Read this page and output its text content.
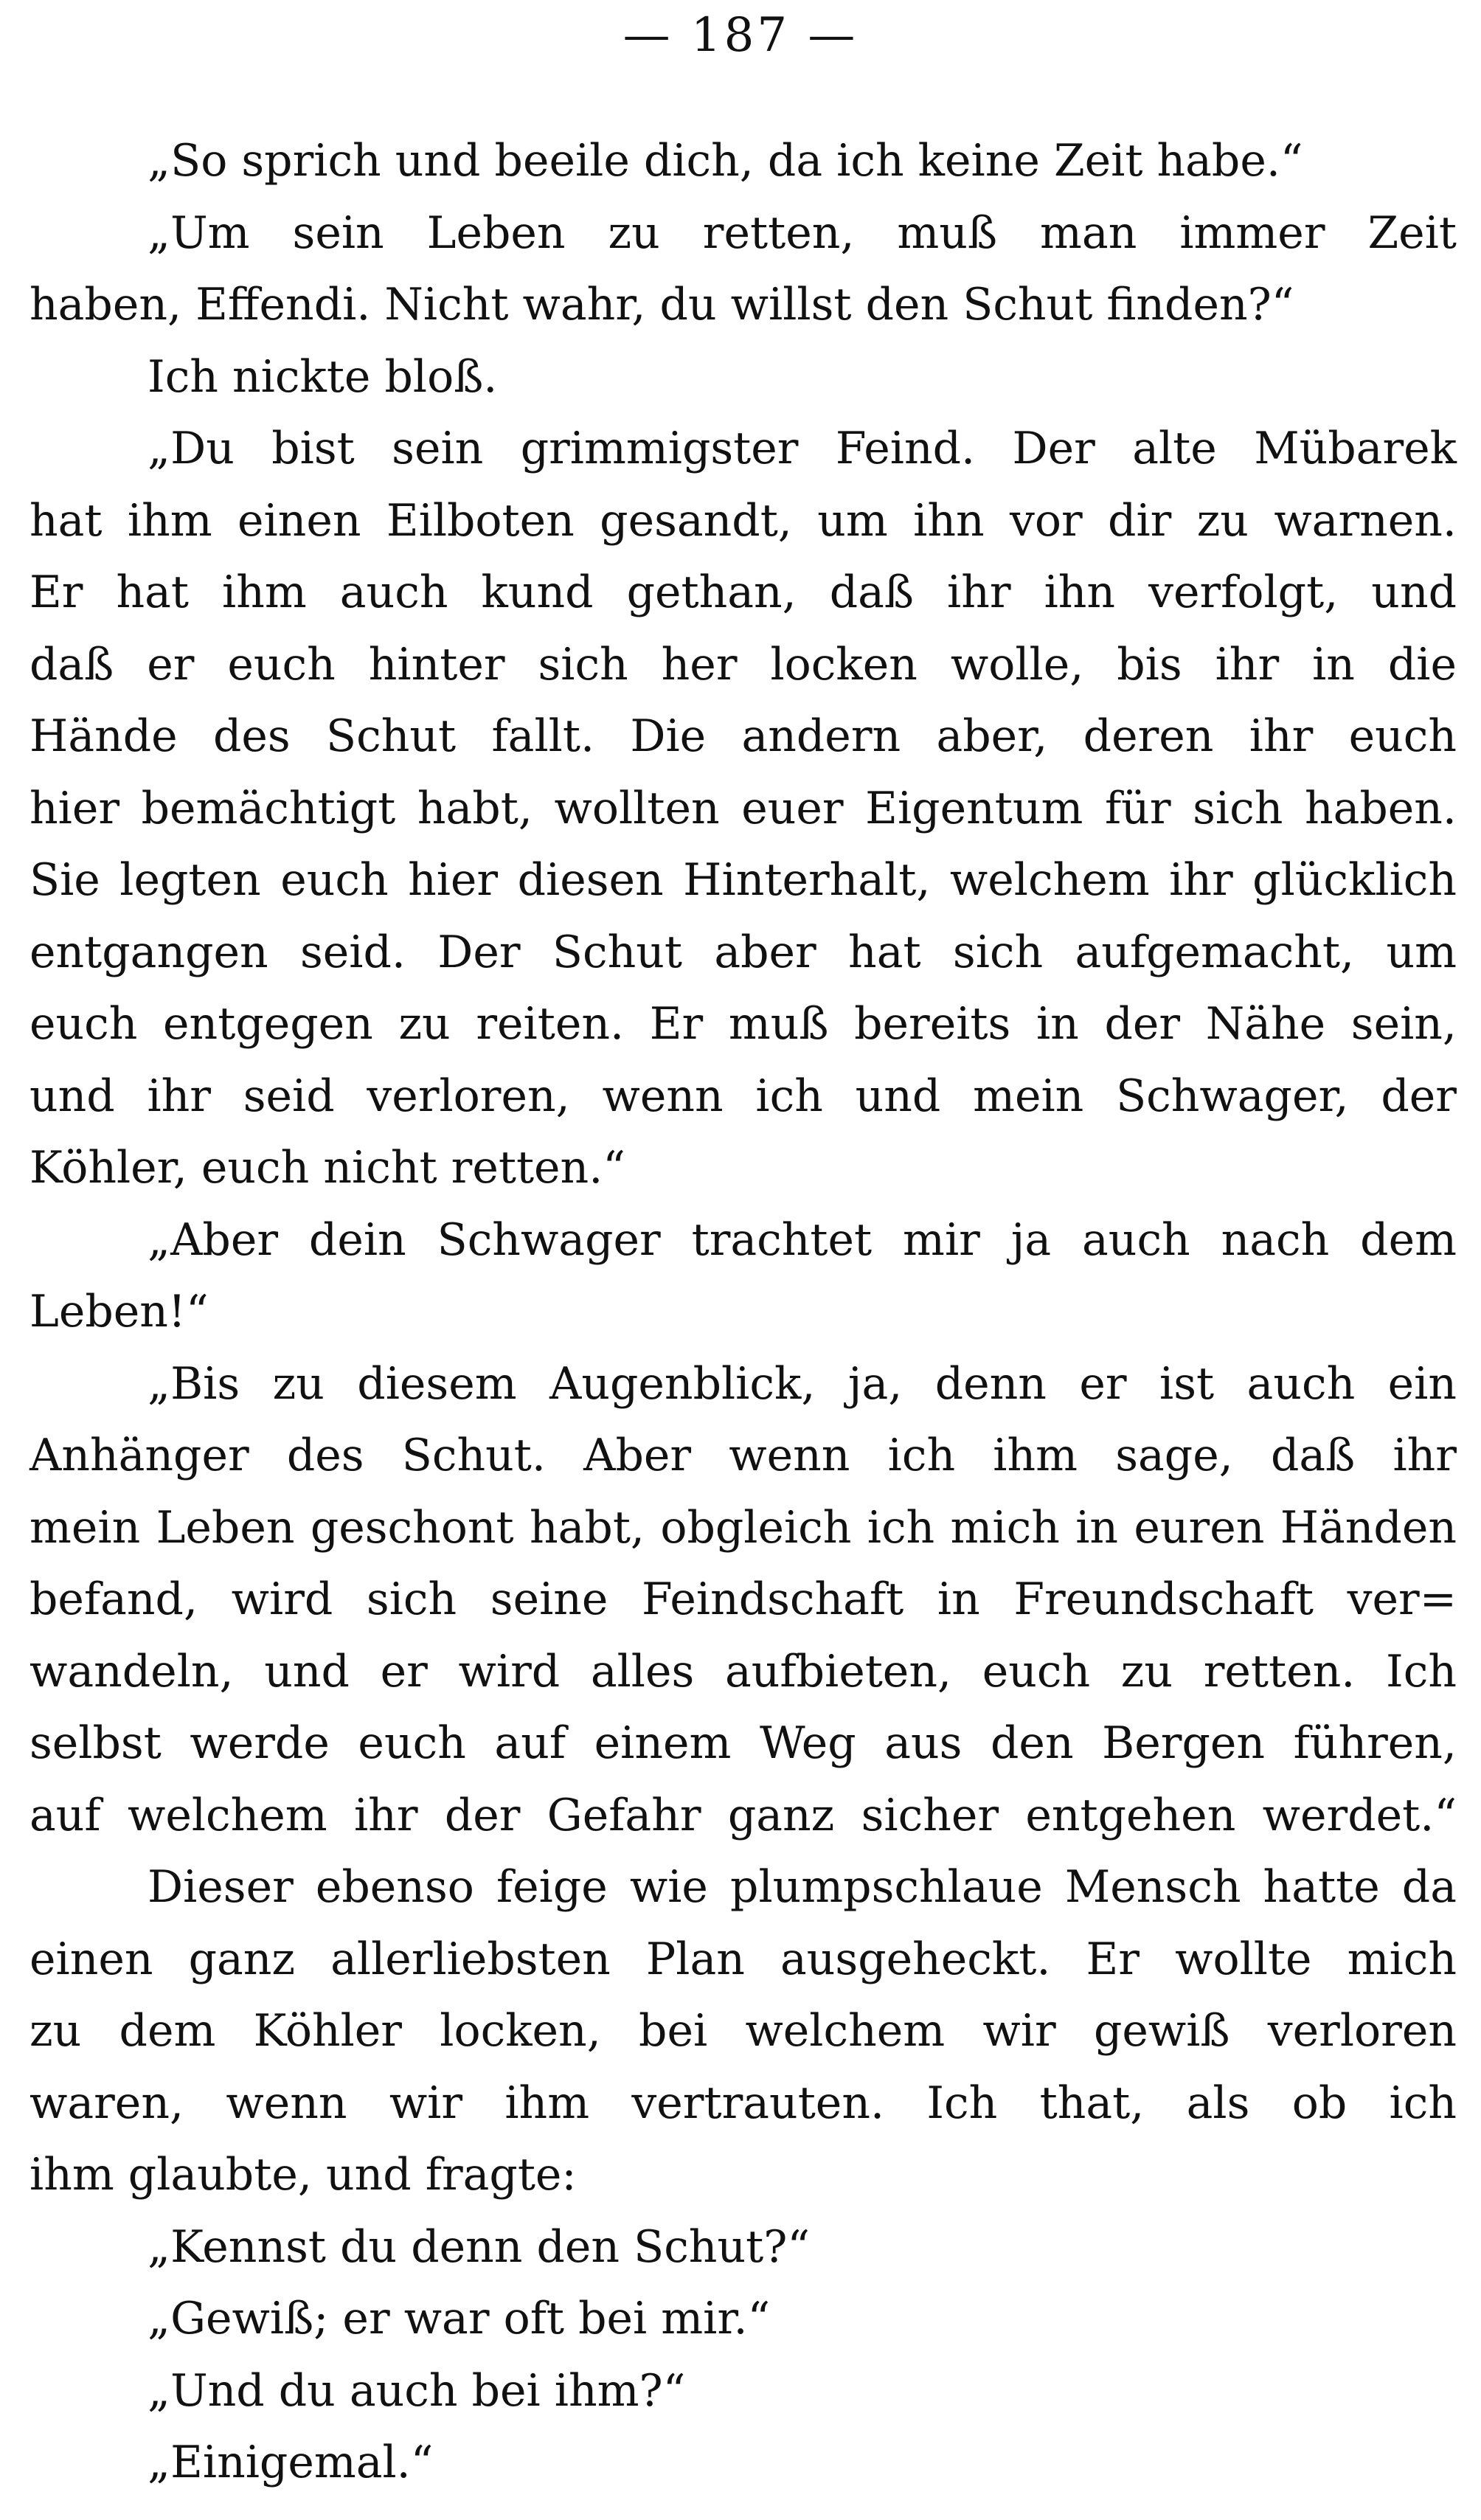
— 187 —
„So sprich und beeile dich, da ich keine Zeit habe.“
„Um sein Leben zu retten, muß man immer Zeit
haben, Effendi. Nicht wahr, du willst den Schut finden?“
Ich nickte bloß.
„Du bist sein grimmigster Feind. Der alte Mübarek
hat ihm einen Eilboten gesandt, um ihn vor dir zu warnen.
Er hat ihm auch kund gethan, daß ihr ihn verfolgt, und
daß er euch hinter sich her locken wolle, bis ihr in die
Hände des Schut fallt. Die andern aber, deren ihr euch
hier bemächtigt habt, wollten euer Eigentum für sich haben.
Sie legten euch hier diesen Hinterhalt, welchem ihr glücklich
entgangen seid. Der Schut aber hat sich aufgemacht, um
euch entgegen zu reiten. Er muß bereits in der Nähe sein,
und ihr seid verloren, wenn ich und mein Schwager, der
Köhler, euch nicht retten.“
„Aber dein Schwager trachtet mir ja auch nach dem
Leben!“
„Bis zu diesem Augenblick, ja, denn er ist auch ein
Anhänger des Schut. Aber wenn ich ihm sage, daß ihr
mein Leben geschont habt, obgleich ich mich in euren Händen
befand, wird sich seine Feindschaft in Freundschaft ver=
wandeln, und er wird alles aufbieten, euch zu retten. Ich
selbst werde euch auf einem Weg aus den Bergen führen,
auf welchem ihr der Gefahr ganz sicher entgehen werdet.“
Dieser ebenso feige wie plumpschlaue Mensch hatte da
einen ganz allerliebsten Plan ausgeheckt. Er wollte mich
zu dem Köhler locken, bei welchem wir gewiß verloren
waren, wenn wir ihm vertrauten. Ich that, als ob ich
ihm glaubte, und fragte:
„Kennst du denn den Schut?“
„Gewiß; er war oft bei mir.“
„Und du auch bei ihm?“
„Einigemal.“
